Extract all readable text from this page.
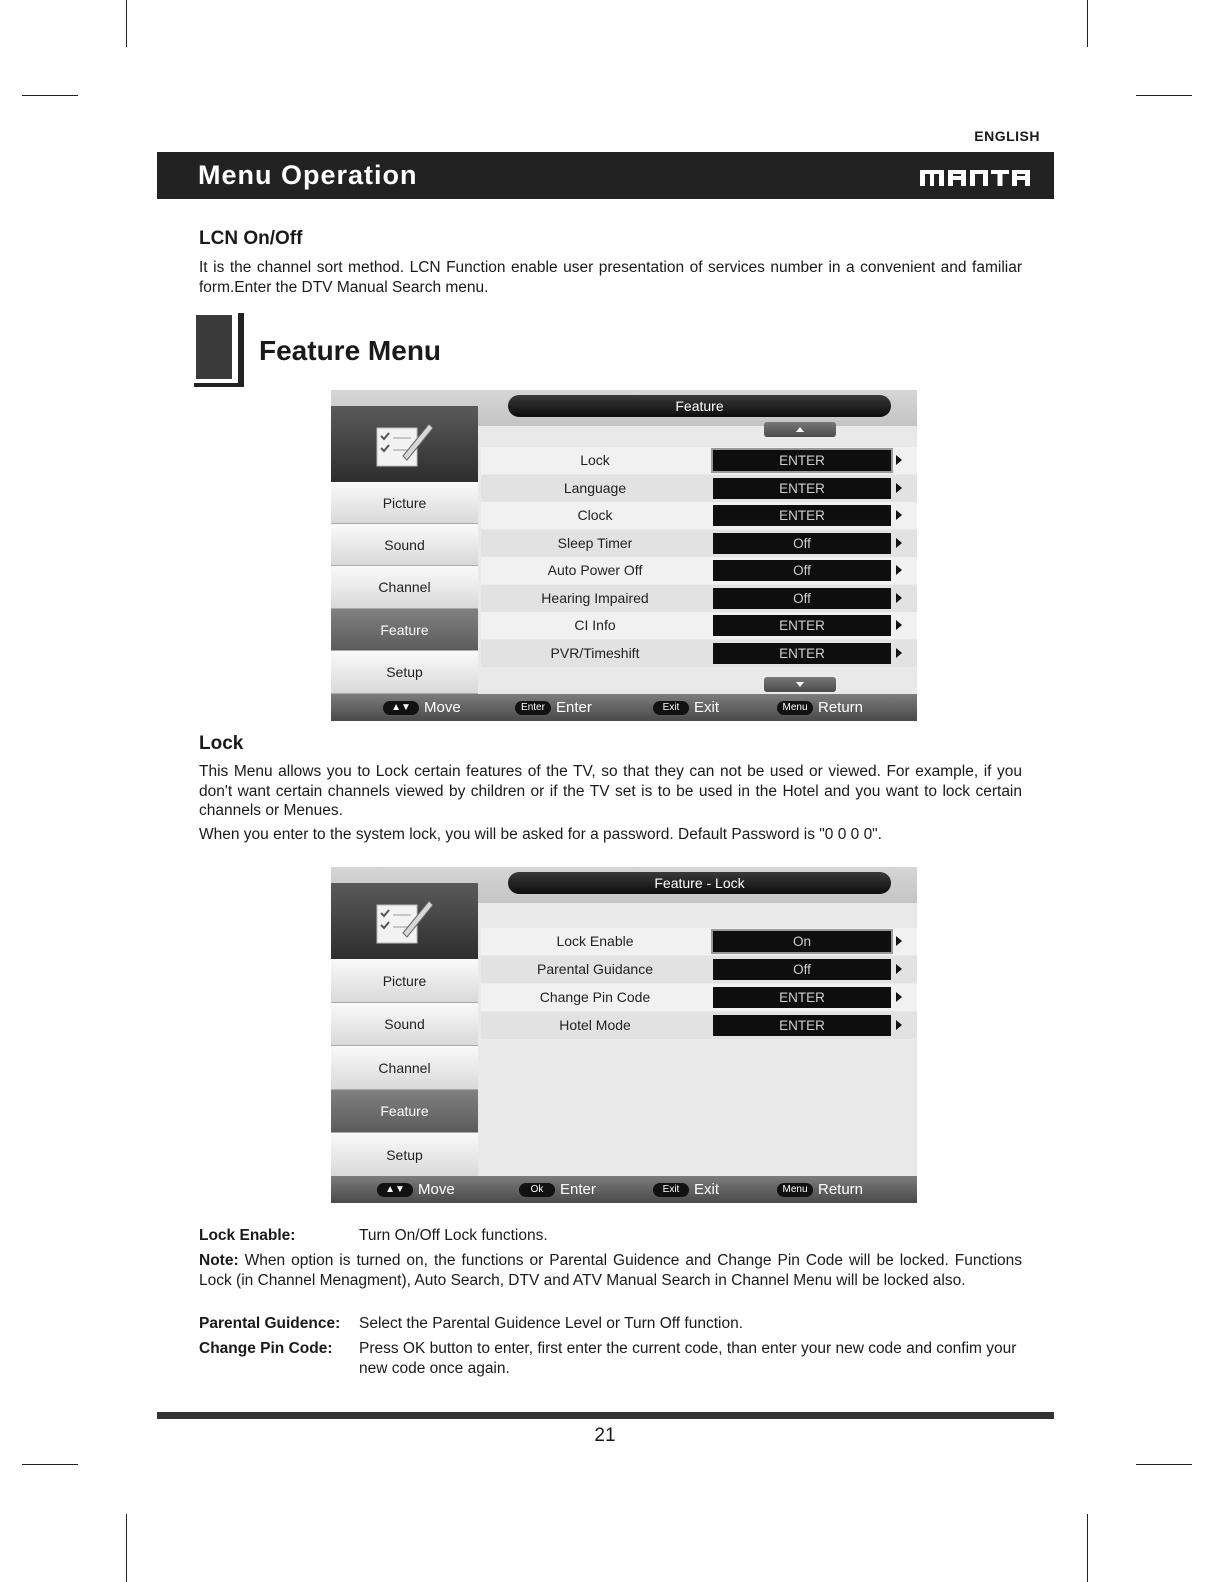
ENGLISH
Menu Operation
LCN On/Off
It is the channel sort method. LCN Function enable user presentation of services number in a convenient and familiar form.Enter the DTV Manual Search menu.
Feature Menu
Feature
Picture
Sound
Channel
Feature
Setup
Lock	ENTER
Language	ENTER
Clock	ENTER
Sleep Timer	Off
Auto Power Off	Off
Hearing Impaired	Off
CI Info	ENTER
PVR/Timeshift	ENTER
▲▼ Move	Enter Enter	Exit Exit	Menu Return
Lock
This Menu allows you to Lock certain features of the TV, so that they can not be used or viewed. For example, if you don't want certain channels viewed by children or if the TV set is to be used in the Hotel and you want to lock certain channels or Menues.
When you enter to the system lock, you will be asked for a password. Default Password is "0 0 0 0".
Feature - Lock
Picture
Sound
Channel
Feature
Setup
Lock Enable	On
Parental Guidance	Off
Change Pin Code	ENTER
Hotel Mode	ENTER
▲▼ Move	Ok Enter	Exit Exit	Menu Return
Lock Enable:	Turn On/Off Lock functions.
Note: When option is turned on, the functions or Parental Guidence and Change Pin Code will be locked. Functions Lock (in Channel Menagment), Auto Search, DTV and ATV Manual Search in Channel Menu will be locked also.
Parental Guidence: Select the Parental Guidence Level or Turn Off function.
Change Pin Code: Press OK button to enter, first enter the current code, than enter your new code and confim your new code once again.
21
